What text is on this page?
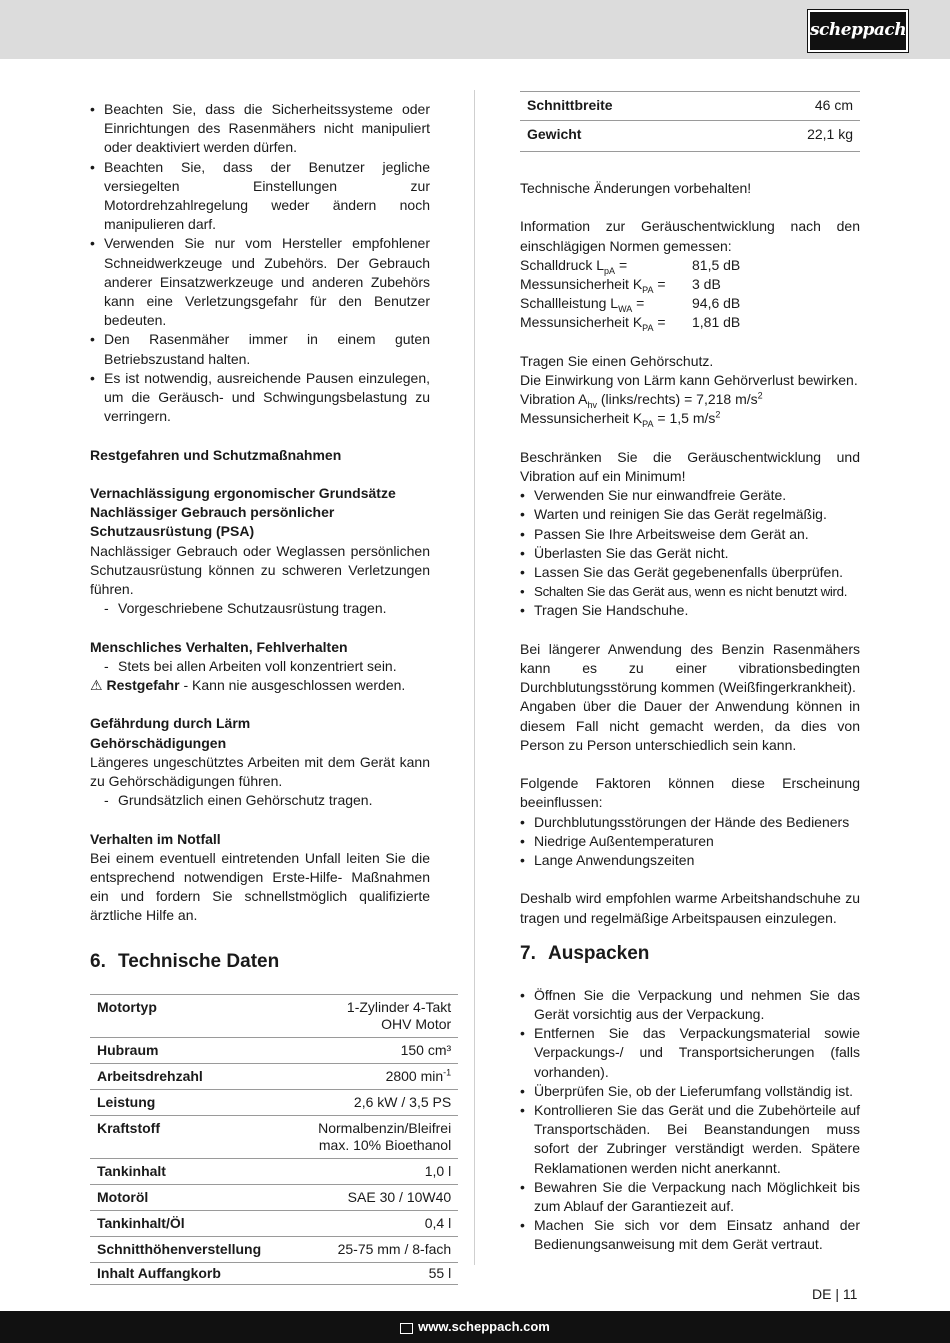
scheppach
• Beachten Sie, dass die Sicherheitssysteme oder Einrichtungen des Rasenmähers nicht manipuliert oder deaktiviert werden dürfen.
• Beachten Sie, dass der Benutzer jegliche versiegelten Einstellungen zur Motordrehzahlregelung weder ändern noch manipulieren darf.
• Verwenden Sie nur vom Hersteller empfohlener Schneidwerkzeuge und Zubehörs. Der Gebrauch anderer Einsatzwerkzeuge und anderen Zubehörs kann eine Verletzungsgefahr für den Benutzer bedeuten.
• Den Rasenmäher immer in einem guten Betriebszustand halten.
• Es ist notwendig, ausreichende Pausen einzulegen, um die Geräusch- und Schwingungsbelastung zu verringern.

Restgefahren und Schutzmaßnahmen

Vernachlässigung ergonomischer Grundsätze

Nachlässiger Gebrauch persönlicher Schutzausrüstung (PSA)

Nachlässiger Gebrauch oder Weglassen persönlichen Schutzausrüstung können zu schweren Verletzungen führen.

- Vorgeschriebene Schutzausrüstung tragen.

Menschliches Verhalten, Fehlverhalten

- Stets bei allen Arbeiten voll konzentriert sein.

⚠ Restgefahr - Kann nie ausgeschlossen werden.

Gefährdung durch Lärm

Gehörschädigungen

Längeres ungeschütztes Arbeiten mit dem Gerät kann zu Gehörschädigungen führen.

- Grundsätzlich einen Gehörschutz tragen.

Verhalten im Notfall

Bei einem eventuell eintretenden Unfall leiten Sie die entsprechend notwendigen Erste-Hilfe- Maßnahmen ein und fordern Sie schnellstmöglich qualifizierte ärztliche Hilfe an.

6. Technische Daten
Motortyp	1-Zylinder 4-Takt OHV Motor
Hubraum	150 cm³
Arbeitsdrehzahl	2800 $\min^{-1}$
Leistung	2,6 kW / 3,5 PS
Kraftstoff	Normalbenzin/Bleifrei max. 10% Bioethanol
Tankinhalt	1,0 l
Motoröl	SAE 30 / 10W40
Tankinhalt/Öl	0,4 l
Schnitthöhenverstellung	25-75 mm / 8-fach
Inhalt Auffangkorb	55 l
Schnittbreite	46 cm
Gewicht	22,1 kg

Technische Änderungen vorbehalten!

Information zur Geräuschentwicklung nach den einschlägigen Normen gemessen:

Schalldruck $L_{pA}$ =	81,5 dB
Messunsicherheit $K_{PA}$ =	3 dB
Schallleistung $L_{WA}$ =	94,6 dB
Messunsicherheit $K_{PA}$ =	1,81 dB

Tragen Sie einen Gehörschutz.

Die Einwirkung von Lärm kann Gehörverlust bewirken.

Vibration $A_{hv}$ (links/rechts) = 7,218 $m/s^2$

Messunsicherheit $K_{PA} = 1,5$ $m/s^2$

Beschränken Sie die Geräuschentwicklung und Vibration auf ein Minimum!

• Verwenden Sie nur einwandfreie Geräte.
• Warten und reinigen Sie das Gerät regelmäßig.
• Passen Sie Ihre Arbeitsweise dem Gerät an.
• Überlasten Sie das Gerät nicht.
• Lassen Sie das Gerät gegebenenfalls überprüfen.
• Schalten Sie das Gerät aus, wenn es nicht benutzt wird.
• Tragen Sie Handschuhe.

Bei längerer Anwendung des Benzin Rasenmähers kann es zu einer vibrationsbedingten Durchblutungsstörung kommen (Weißfingerkrankheit).

Angaben über die Dauer der Anwendung können in diesem Fall nicht gemacht werden, da dies von Person zu Person unterschiedlich sein kann.

Folgende Faktoren können diese Erscheinung beeinflussen:

• Durchblutungsstörungen der Hände des Bedieners
• Niedrige Außentemperaturen
• Lange Anwendungszeiten

Deshalb wird empfohlen warme Arbeitshandschuhe zu tragen und regelmäßige Arbeitspausen einzulegen.

7. Auspacken
• Öffnen Sie die Verpackung und nehmen Sie das Gerät vorsichtig aus der Verpackung.
• Entfernen Sie das Verpackungsmaterial sowie Verpackungs-/ und Transportsicherungen (falls vorhanden).
• Überprüfen Sie, ob der Lieferumfang vollständig ist.
• Kontrollieren Sie das Gerät und die Zubehörteile auf Transportschäden. Bei Beanstandungen muss sofort der Zubringer verständigt werden. Spätere Reklamationen werden nicht anerkannt.
• Bewahren Sie die Verpackung nach Möglichkeit bis zum Ablauf der Garantiezeit auf.
• Machen Sie sich vor dem Einsatz anhand der Bedienungsanweisung mit dem Gerät vertraut.
DE | 11
www.scheppach.com
